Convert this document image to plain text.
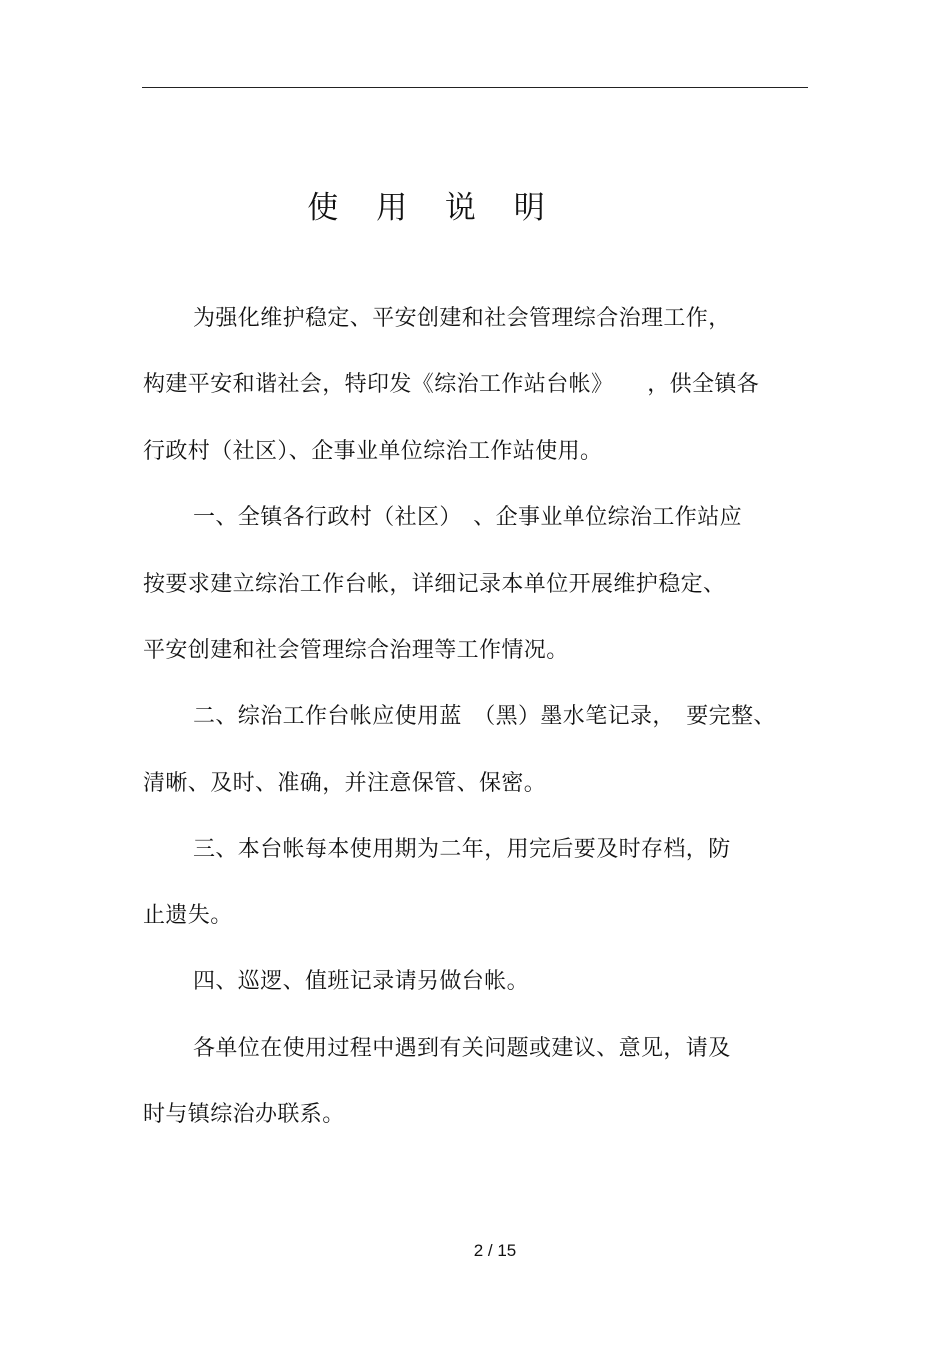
使 用 说 明
为强化维护稳定、平安创建和社会管理综合治理工作，
构建平安和谐社会，特印发《综治工作站台帐》　　，供全镇各
行政村（社区）、企事业单位综治工作站使用。
一、全镇各行政村（社区）　、企事业单位综治工作站应
按要求建立综治工作台帐，详细记录本单位开展维护稳定、
平安创建和社会管理综合治理等工作情况。
二、综治工作台帐应使用蓝　（黑）墨水笔记录，　要完整、
清晰、及时、准确，并注意保管、保密。
三、本台帐每本使用期为二年，用完后要及时存档，防
止遗失。
四、巡逻、值班记录请另做台帐。
各单位在使用过程中遇到有关问题或建议、意见，请及
时与镇综治办联系。
2 / 15
